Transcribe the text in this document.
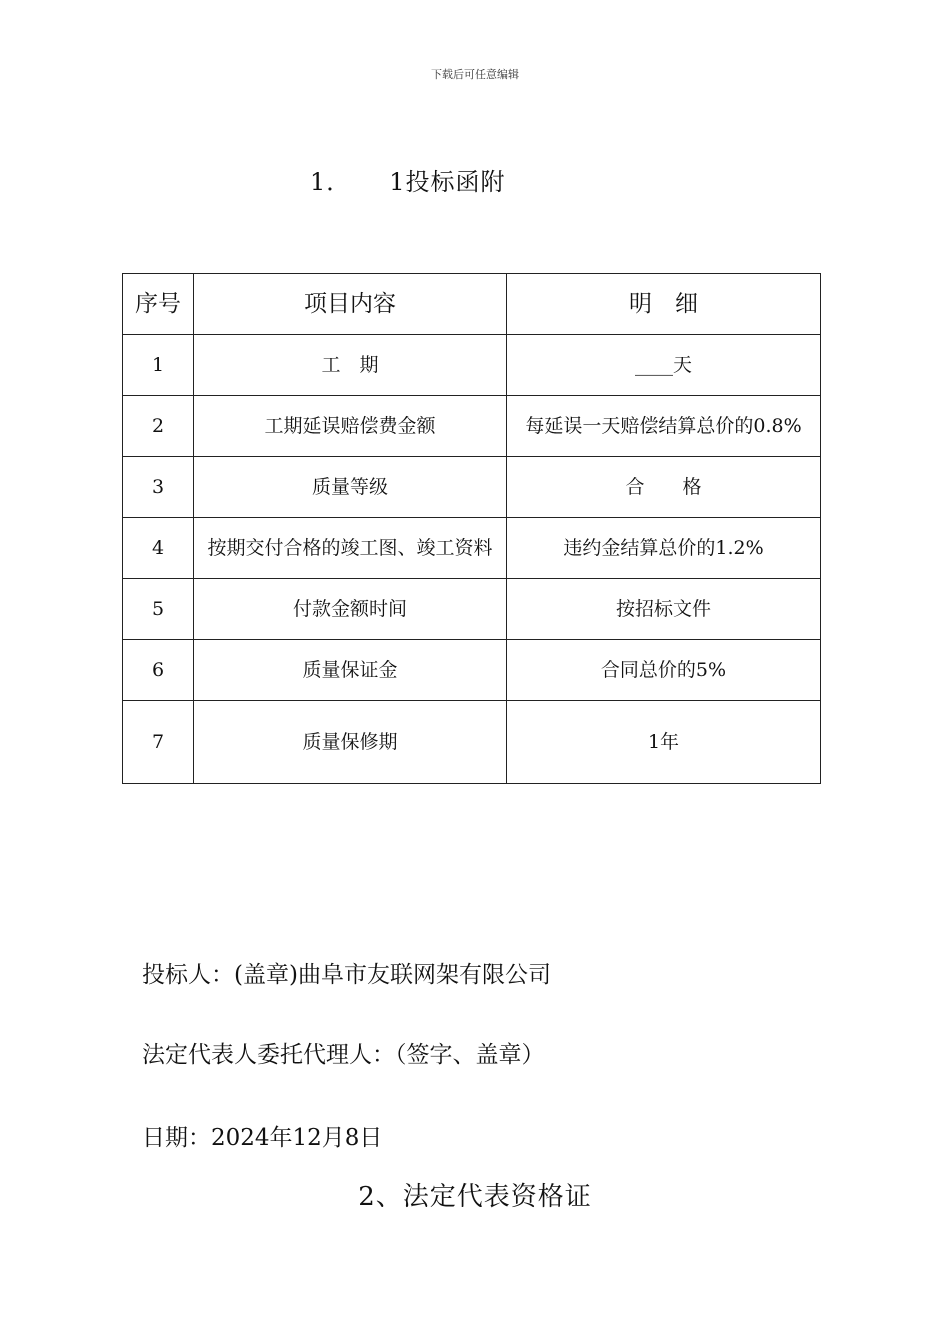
下载后可任意编辑
1．　　1投标函附
序号	项目内容	明　细
1	工　期	____天
2	工期延误赔偿费金额	每延误一天赔偿结算总价的0.8%
3	质量等级	合　　格
4	按期交付合格的竣工图、竣工资料	违约金结算总价的1.2%
5	付款金额时间	按招标文件
6	质量保证金	合同总价的5%
7	质量保修期	1年
投标人：(盖章)曲阜市友联网架有限公司
法定代表人委托代理人：（签字、盖章）
日期：2024年12月8日
2、法定代表资格证
